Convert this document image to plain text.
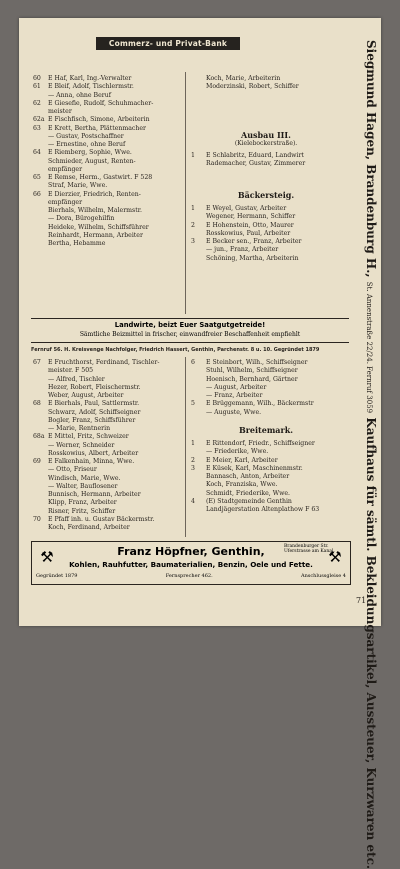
Commerz- und Privat-Bank
60 E Haf, Karl, Ing.-Verwalter
61 E Bleif, Adolf, Tischlermstr.
— Anna, ohne Beruf
62 E Giesefie, Rudolf, Schuhmacher-
meister
62a E Fischfisch, Simone, Arbeiterin
63 E Krett, Bertha, Plättenmacher
— Gustav, Postschaffner
— Ernestine, ohne Beruf
64 E Riemberg, Sophie, Wwe.
Schmieder, August, Renten-
empfänger
65 E Remse, Herm., Gastwirt. F 528
Straf, Marie, Wwe.
66 E Dierzier, Friedrich, Renten-
empfänger
Bierhals, Wilhelm, Malermstr.
— Dora, Bürogehilfin
Heideke, Wilhelm, Schiffsführer
Reinhardt, Hermann, Arbeiter
Bertha, Hebamme
Koch, Marie, Arbeiterin
Moderzinski, Robert, Schiffer
Ausbau III.
(Kielebockerstraße).
1 E Schlabritz, Eduard, Landwirt
Rademacher, Gustav, Zimmerer
Bäckersteig.
1 E Weyel, Gustav, Arbeiter
Wegener, Hermann, Schiffer
2 E Hohenstein, Otto, Maurer
Rosskowius, Paul, Arbeiter
3 E Becker sen., Franz, Arbeiter
— jun., Franz, Arbeiter
Schöning, Martha, Arbeiterin
Landwirte, beizt Euer Saatgutgetreide!
Sämtliche Beizmittel in frischer, einwandfreier Beschaffenheit empfiehlt
Fernruf 56. H. Kreisvenge Nachfolger, Friedrich Hassert, Genthin, Parchenstr. 8 u. 10. Gegründet 1879
67 E Fruchthorst, Ferdinand, Tischler-
meister. F 505
— Alfred, Tischler
Hezer, Robert, Fleischermstr.
Weber, August, Arbeiter
68 E Bierhals, Paul, Sattlermstr.
Schwarz, Adolf, Schiffseigner
Bogler, Franz, Schiffsführer
— Marie, Rentnerin
68a E Mittel, Fritz, Schweizer
— Werner, Schneider
Rosskowius, Albert, Arbeiter
69 E Falkenhain, Minna, Wwe.
— Otto, Friseur
Windisch, Marie, Wwe.
— Walter, Bauflosener
Bunnisch, Hermann, Arbeiter
Klipp, Franz, Arbeiter
Risner, Fritz, Schiffer
70 E Pfaff inh. u. Gustav Bäckermstr.
Koch, Ferdinand, Arbeiter
6 E Steinbort, Wilh., Schiffseigner
Stuhl, Wilhelm, Schiffseigner
Hoenisch, Bernhard, Gärtner
— August, Arbeiter
— Franz, Arbeiter
5 E Brüggemann, Wilh., Bäckermstr
— Auguste, Wwe.
Breitemark.
1 E Rittendorf, Friedr., Schiffseigner
— Friederike, Wwe.
2 E Meier, Karl, Arbeiter
3 E Küsek, Karl, Maschinenmstr.
Bannasch, Anton, Arbeiter
Koch, Franziska, Wwe.
Schmidt, Friederike, Wwe.
4 (E) Stadtgemeinde Genthin
Landjägerstation Altenplathow F 63
⚒	⚒
Franz Höpfner, Genthin,	Brandenburger Str. Uferstrasse am Kanal.
Kohlen, Rauhfutter, Baumaterialien, Benzin, Oele und Fette.
Gegründet 1879	Fernsprecher 462.	Anschlussgleise 4
Siegmund Hagen, Brandenburg H., St. Annenstraße 22/24. Fernruf 3059 Kaufhaus für sämtl. Bekleidungsartikel, Aussteuer, Kurzwaren etc.
71
